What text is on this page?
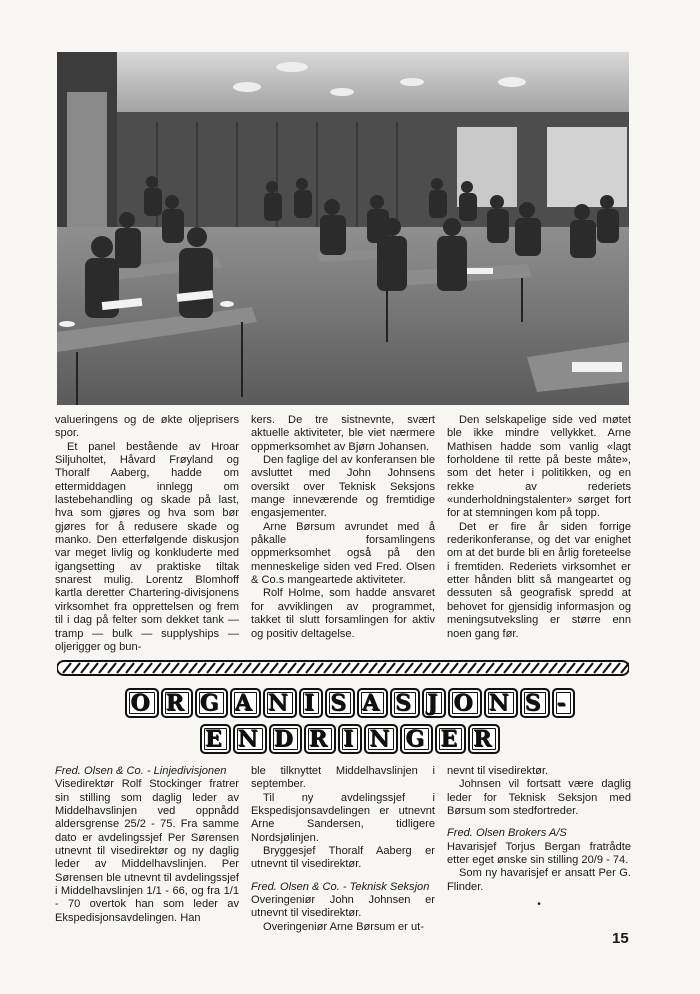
valueringens og de økte oljeprisers spor.

Et panel bestående av Hroar Siljuholtet, Håvard Frøyland og Thoralf Aaberg, hadde om ettermiddagen innlegg om lastebehandling og skade på last, hva som gjøres og hva som bør gjøres for å redusere skade og manko. Den etterfølgende diskusjon var meget livlig og konkluderte med igangsetting av praktiske tiltak snarest mulig. Lorentz Blomhoff kartla deretter Chartering-divisjonens virksomhet fra opprettelsen og frem til i dag på felter som dekket tank — tramp — bulk — supplyships — oljerigger og bun-

kers. De tre sistnevnte, svært aktuelle aktiviteter, ble viet nærmere oppmerksomhet av Bjørn Johansen.

Den faglige del av konferansen ble avsluttet med John Johnsens oversikt over Teknisk Seksjons mange inneværende og fremtidige engasjementer.

Arne Børsum avrundet med å påkalle forsamlingens oppmerksomhet også på den menneskelige siden ved Fred. Olsen & Co.s mangeartede aktiviteter.

Rolf Holme, som hadde ansvaret for avviklingen av programmet, takket til slutt forsamlingen for aktiv og positiv deltagelse.

Den selskapelige side ved møtet ble ikke mindre vellykket. Arne Mathisen hadde som vanlig «lagt forholdene til rette på beste måte», som det heter i politikken, og en rekke av rederiets «underholdningstalenter» sørget fort for at stemningen kom på topp.

Det er fire år siden forrige rederikonferanse, og det var enighet om at det burde bli en årlig foreteelse i fremtiden. Rederiets virksomhet er etter hånden blitt så mangeartet og dessuten så geografisk spredd at behovet for gjensidig informasjon og meningsutveksling er større enn noen gang før.

O R G A N I S A S J O N S -
E N D R I N G E R

Fred. Olsen & Co. - Linjedivisjonen

Visedirektør Rolf Stockinger fratrer sin stilling som daglig leder av Middelhavslinjen ved oppnådd aldersgrense 25/2 - 75. Fra samme dato er avdelingssjef Per Sørensen utnevnt til visedirektør og ny daglig leder av Middelhavslinjen. Per Sørensen ble utnevnt til avdelingssjef i Middelhavslinjen 1/1 - 66, og fra 1/1 - 70 overtok han som leder av Ekspedisjonsavdelingen. Han

ble tilknyttet Middelhavslinjen i september.

Til ny avdelingssjef i Ekspedisjonsavdelingen er utnevnt Arne Sandersen, tidligere Nordsjølinjen.

Bryggesjef Thoralf Aaberg er utnevnt til visedirektør.

Fred. Olsen & Co. - Teknisk Seksjon

Overingeniør John Johnsen er utnevnt til visedirektør.

Overingeniør Arne Børsum er ut-

nevnt til visedirektør.

Johnsen vil fortsatt være daglig leder for Teknisk Seksjon med Børsum som stedfortreder.

Fred. Olsen Brokers A/S

Havarisjef Torjus Bergan fratrådte etter eget ønske sin stilling 20/9 - 74.

Som ny havarisjef er ansatt Per G. Flinder.

•
15
